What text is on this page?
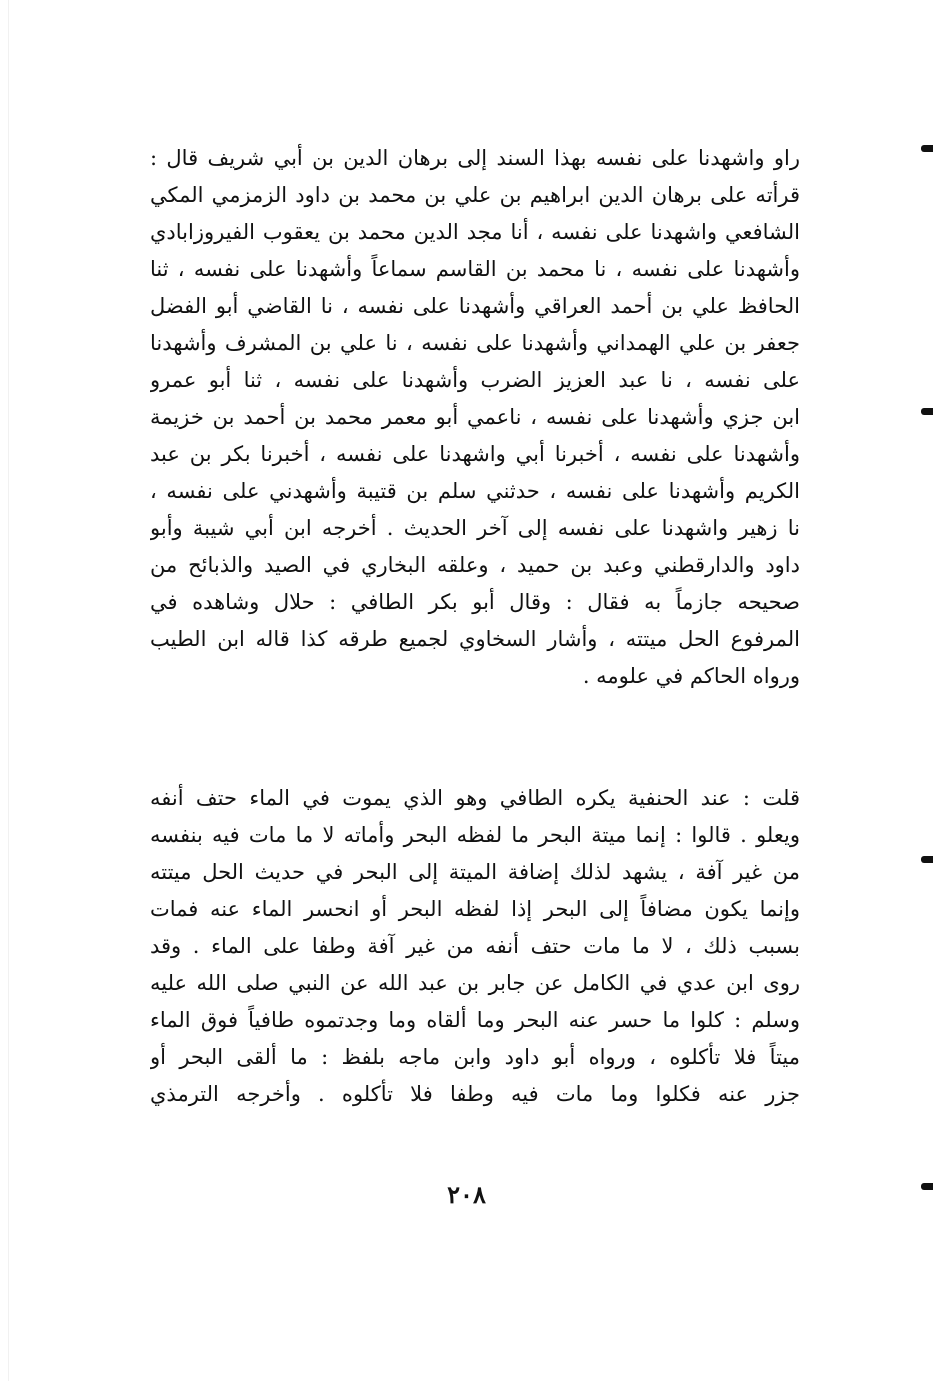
راو واشهدنا على نفسه بهذا السند إلى برهان الدين بن أبي شريف قال :
قرأته على برهان الدين ابراهيم بن علي بن محمد بن داود الزمزمي المكي
الشافعي واشهدنا على نفسه ، أنا مجد الدين محمد بن يعقوب الفيروزابادي
وأشهدنا على نفسه ، نا محمد بن القاسم سماعاً وأشهدنا على نفسه ، ثنا
الحافظ علي بن أحمد العراقي وأشهدنا على نفسه ، نا القاضي أبو الفضل
جعفر بن علي الهمداني وأشهدنا على نفسه ، نا علي بن المشرف وأشهدنا
على نفسه ، نا عبد العزيز الضرب وأشهدنا على نفسه ، ثنا أبو عمرو
ابن جزي وأشهدنا على نفسه ، ناعمي أبو معمر محمد بن أحمد بن خزيمة
وأشهدنا على نفسه ، أخبرنا أبي واشهدنا على نفسه ، أخبرنا بكر بن عبد
الكريم وأشهدنا على نفسه ، حدثني سلم بن قتيبة وأشهدني على نفسه ،
نا زهير واشهدنا على نفسه إلى آخر الحديث . أخرجه ابن أبي شيبة وأبو
داود والدارقطني وعبد بن حميد ، وعلقه البخاري في الصيد والذبائح من
صحيحه جازماً به فقال : وقال أبو بكر الطافي : حلال وشاهده في
المرفوع الحل ميتته ، وأشار السخاوي لجميع طرقه كذا قاله ابن الطيب
ورواه الحاكم في علومه .
قلت : عند الحنفية يكره الطافي وهو الذي يموت في الماء حتف أنفه
ويعلو . قالوا : إنما ميتة البحر ما لفظه البحر وأماته لا ما مات فيه بنفسه
من غير آفة ، يشهد لذلك إضافة الميتة إلى البحر في حديث الحل ميتته
وإنما يكون مضافاً إلى البحر إذا لفظه البحر أو انحسر الماء عنه فمات
بسبب ذلك ، لا ما مات حتف أنفه من غير آفة وطفا على الماء . وقد
روى ابن عدي في الكامل عن جابر بن عبد الله عن النبي صلى الله عليه
وسلم : كلوا ما حسر عنه البحر وما ألقاه وما وجدتموه طافياً فوق الماء
ميتاً فلا تأكلوه ، ورواه أبو داود وابن ماجه بلفظ : ما ألقى البحر أو
جزر عنه فكلوا وما مات فيه وطفا فلا تأكلوه . وأخرجه الترمذي
٢٠٨
